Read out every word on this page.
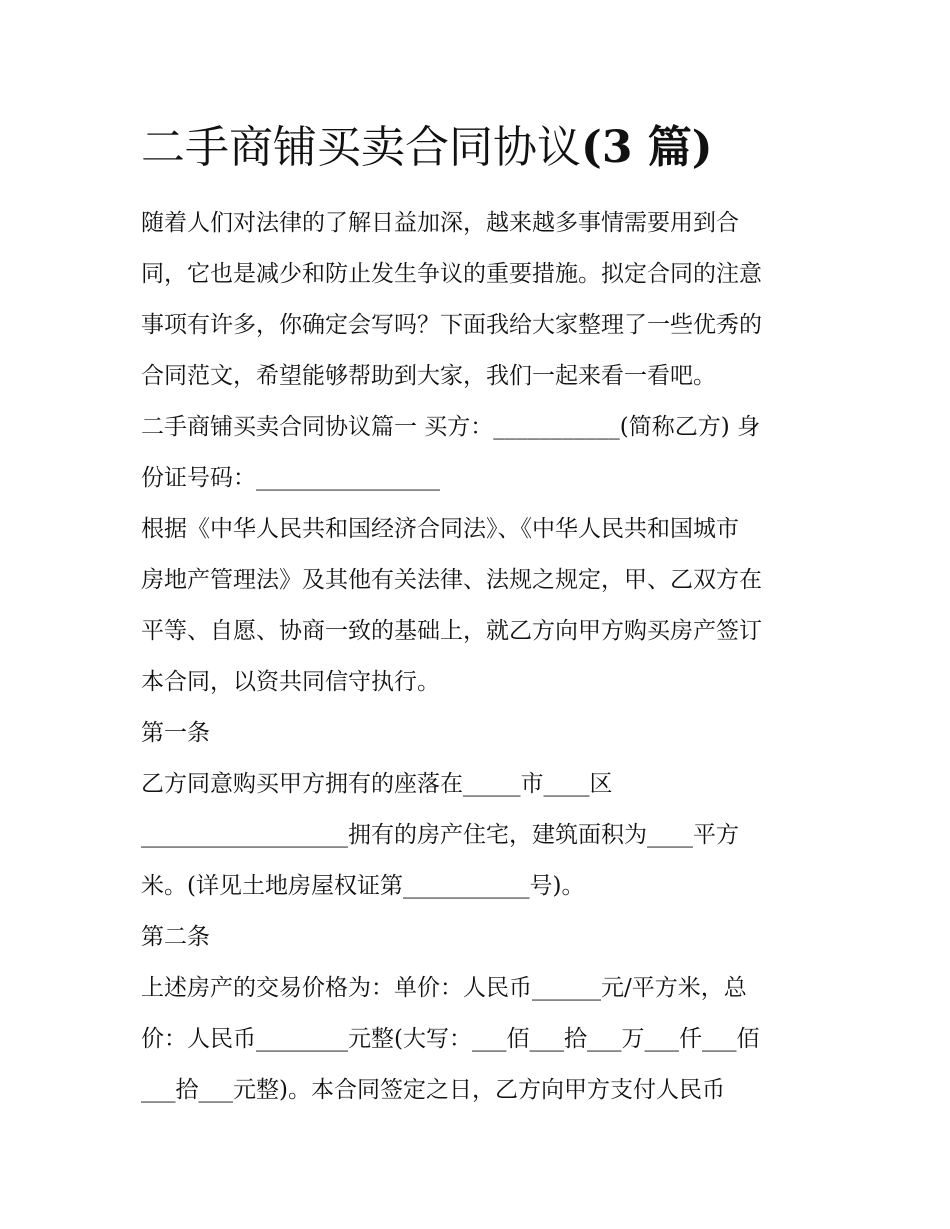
二手商铺买卖合同协议(3 篇)

随着人们对法律的了解日益加深，越来越多事情需要用到合

同，它也是减少和防止发生争议的重要措施。拟定合同的注意

事项有许多，你确定会写吗？下面我给大家整理了一些优秀的

合同范文，希望能够帮助到大家，我们一起来看一看吧。

二手商铺买卖合同协议篇一 买方：___________(简称乙方) 身

份证号码：________________

根据《中华人民共和国经济合同法》、《中华人民共和国城市

房地产管理法》及其他有关法律、法规之规定，甲、乙双方在

平等、自愿、协商一致的基础上，就乙方向甲方购买房产签订

本合同，以资共同信守执行。

第一条

乙方同意购买甲方拥有的座落在_____市____区

__________________拥有的房产住宅，建筑面积为____平方

米。(详见土地房屋权证第___________号)。

第二条

上述房产的交易价格为：单价：人民币______元/平方米，总

价：人民币________元整(大写：___佰___拾___万___仟___佰

___拾___元整)。本合同签定之日，乙方向甲方支付人民币
